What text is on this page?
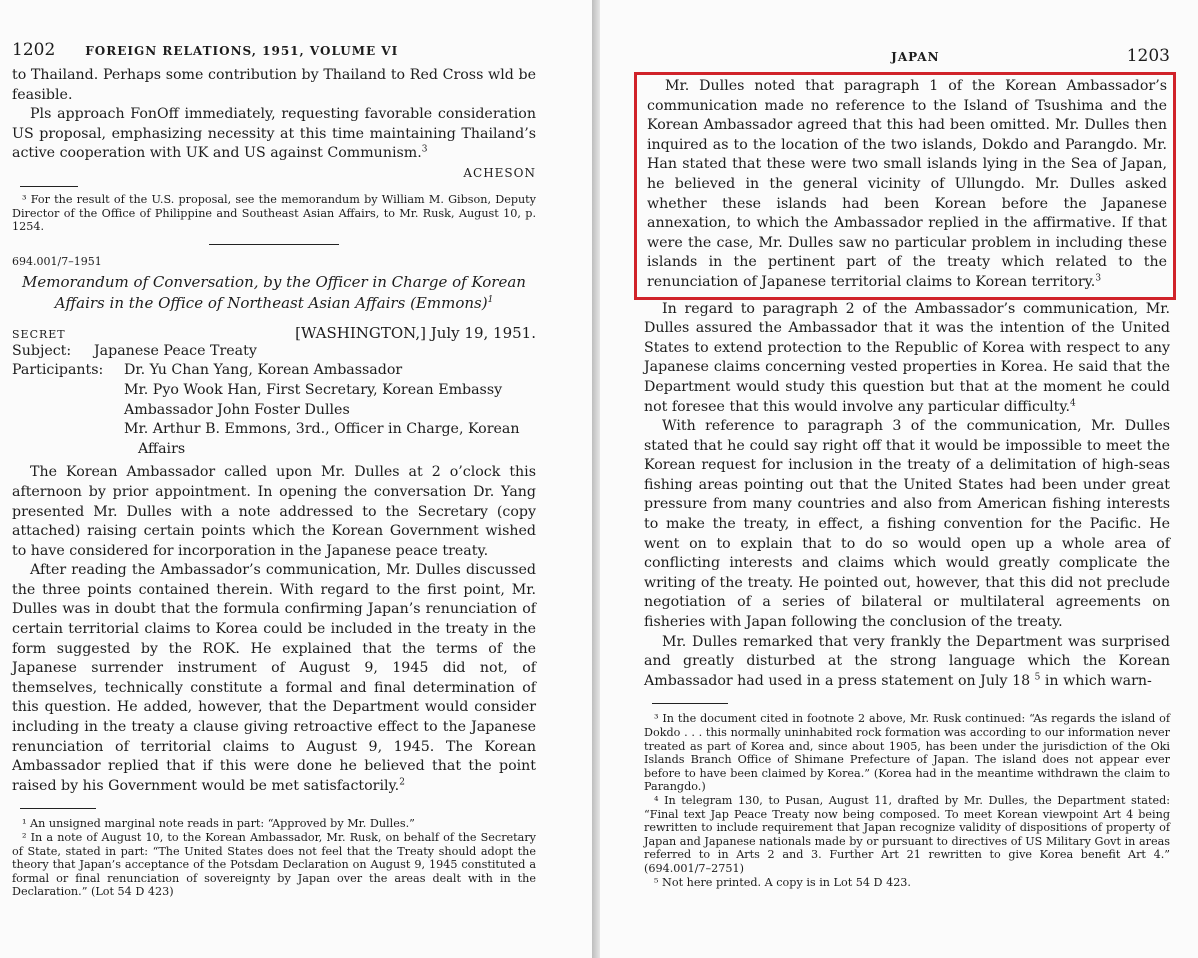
1202	FOREIGN RELATIONS, 1951, VOLUME VI

to Thailand. Perhaps some contribution by Thailand to Red Cross wld be feasible.

Pls approach FonOff immediately, requesting favorable consideration US proposal, emphasizing necessity at this time maintaining Thailand’s active cooperation with UK and US against Communism.$^3$

ACHESON

³ For the result of the U.S. proposal, see the memorandum by William M. Gibson, Deputy Director of the Office of Philippine and Southeast Asian Affairs, to Mr. Rusk, August 10, p. 1254.

694.001/7–1951
Memorandum of Conversation, by the Officer in Charge of Korean Affairs in the Office of Northeast Asian Affairs (Emmons)$^1$
SECRET	[WASHINGTON,] July 19, 1951.
Subject: Japanese Peace Treaty
Participants:	Dr. Yu Chan Yang, Korean Ambassador
Mr. Pyo Wook Han, First Secretary, Korean Embassy
Ambassador John Foster Dulles
Mr. Arthur B. Emmons, 3rd., Officer in Charge, Korean Affairs

The Korean Ambassador called upon Mr. Dulles at 2 o’clock this afternoon by prior appointment. In opening the conversation Dr. Yang presented Mr. Dulles with a note addressed to the Secretary (copy attached) raising certain points which the Korean Government wished to have considered for incorporation in the Japanese peace treaty.

After reading the Ambassador’s communication, Mr. Dulles discussed the three points contained therein. With regard to the first point, Mr. Dulles was in doubt that the formula confirming Japan’s renunciation of certain territorial claims to Korea could be included in the treaty in the form suggested by the ROK. He explained that the terms of the Japanese surrender instrument of August 9, 1945 did not, of themselves, technically constitute a formal and final determination of this question. He added, however, that the Department would consider including in the treaty a clause giving retroactive effect to the Japanese renunciation of territorial claims to August 9, 1945. The Korean Ambassador replied that if this were done he believed that the point raised by his Government would be met satisfactorily.$^2$

¹ An unsigned marginal note reads in part: “Approved by Mr. Dulles.”

² In a note of August 10, to the Korean Ambassador, Mr. Rusk, on behalf of the Secretary of State, stated in part: “The United States does not feel that the Treaty should adopt the theory that Japan’s acceptance of the Potsdam Declaration on August 9, 1945 constituted a formal or final renunciation of sovereignty by Japan over the areas dealt with in the Declaration.” (Lot 54 D 423)

JAPAN	1203

Mr. Dulles noted that paragraph 1 of the Korean Ambassador’s communication made no reference to the Island of Tsushima and the Korean Ambassador agreed that this had been omitted. Mr. Dulles then inquired as to the location of the two islands, Dokdo and Parangdo. Mr. Han stated that these were two small islands lying in the Sea of Japan, he believed in the general vicinity of Ullungdo. Mr. Dulles asked whether these islands had been Korean before the Japanese annexation, to which the Ambassador replied in the affirmative. If that were the case, Mr. Dulles saw no particular problem in including these islands in the pertinent part of the treaty which related to the renunciation of Japanese territorial claims to Korean territory.$^3$

In regard to paragraph 2 of the Ambassador’s communication, Mr. Dulles assured the Ambassador that it was the intention of the United States to extend protection to the Republic of Korea with respect to any Japanese claims concerning vested properties in Korea. He said that the Department would study this question but that at the moment he could not foresee that this would involve any particular difficulty.$^4$

With reference to paragraph 3 of the communication, Mr. Dulles stated that he could say right off that it would be impossible to meet the Korean request for inclusion in the treaty of a delimitation of high-seas fishing areas pointing out that the United States had been under great pressure from many countries and also from American fishing interests to make the treaty, in effect, a fishing convention for the Pacific. He went on to explain that to do so would open up a whole area of conflicting interests and claims which would greatly complicate the writing of the treaty. He pointed out, however, that this did not preclude negotiation of a series of bilateral or multilateral agreements on fisheries with Japan following the conclusion of the treaty.

Mr. Dulles remarked that very frankly the Department was surprised and greatly disturbed at the strong language which the Korean Ambassador had used in a press statement on July 18 $^5$ in which warn-

³ In the document cited in footnote 2 above, Mr. Rusk continued: “As regards the island of Dokdo . . . this normally uninhabited rock formation was according to our information never treated as part of Korea and, since about 1905, has been under the jurisdiction of the Oki Islands Branch Office of Shimane Prefecture of Japan. The island does not appear ever before to have been claimed by Korea.” (Korea had in the meantime withdrawn the claim to Parangdo.)

⁴ In telegram 130, to Pusan, August 11, drafted by Mr. Dulles, the Department stated: “Final text Jap Peace Treaty now being composed. To meet Korean viewpoint Art 4 being rewritten to include requirement that Japan recognize validity of dispositions of property of Japan and Japanese nationals made by or pursuant to directives of US Military Govt in areas referred to in Arts 2 and 3. Further Art 21 rewritten to give Korea benefit Art 4.” (694.001/7–2751)

⁵ Not here printed. A copy is in Lot 54 D 423.
